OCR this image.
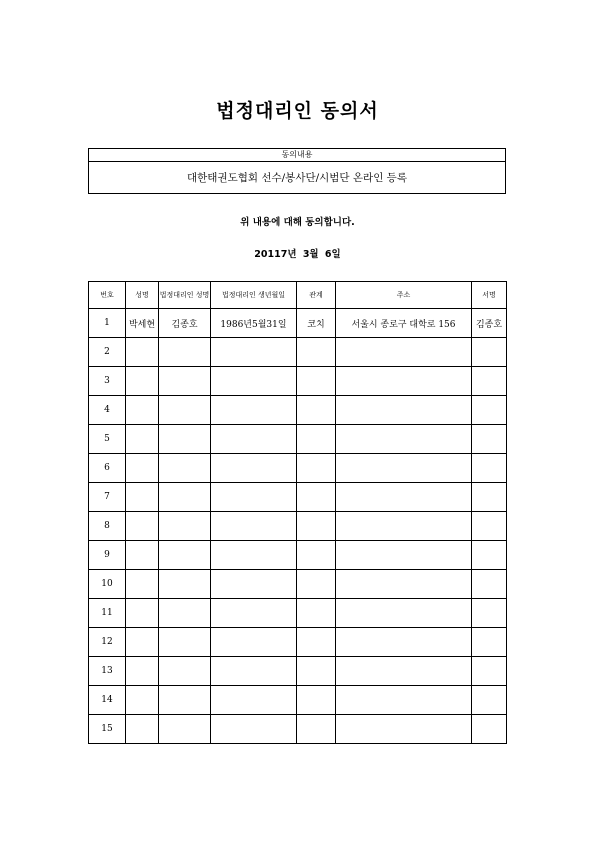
법정대리인 동의서
동의내용
대한태권도협회 선수/봉사단/시범단 온라인 등록
위 내용에 대해 동의합니다.
20117년 3월 6일
번호	성명	법정대리인 성명	법정대리인 생년월일	관계	주소	서명
1	박세현	김종호	1986년5월31일	코치	서울시 종로구 대학로 156	김종호
2						
3						
4						
5						
6						
7						
8						
9						
10						
11						
12						
13						
14						
15						
